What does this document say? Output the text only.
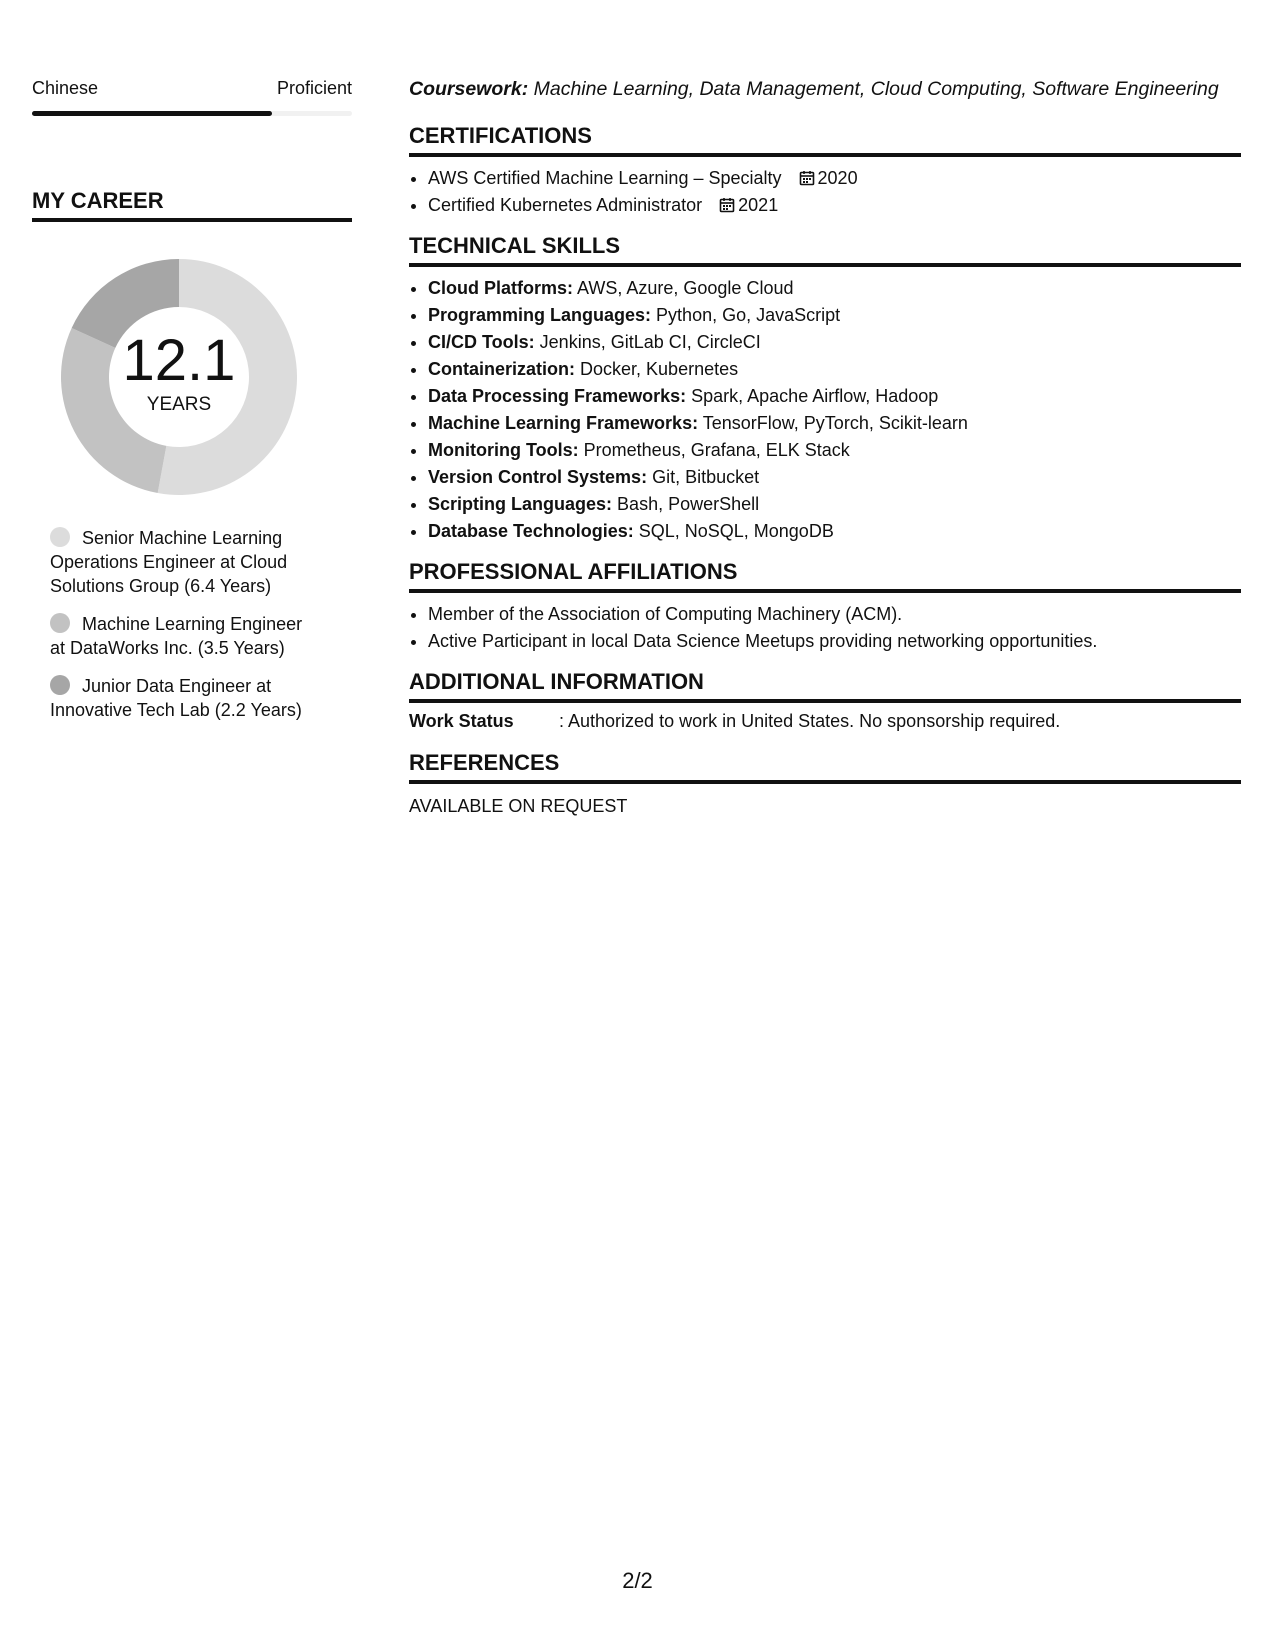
Chinese	Proficient
MY CAREER
12.1
YEARS
Senior Machine Learning Operations Engineer at Cloud Solutions Group (6.4 Years)
Machine Learning Engineer at DataWorks Inc. (3.5 Years)
Junior Data Engineer at Innovative Tech Lab (2.2 Years)
Coursework: Machine Learning, Data Management, Cloud Computing, Software Engineering
CERTIFICATIONS
• AWS Certified Machine Learning – Specialty 2020
• Certified Kubernetes Administrator 2021
TECHNICAL SKILLS
• Cloud Platforms: AWS, Azure, Google Cloud
• Programming Languages: Python, Go, JavaScript
• CI/CD Tools: Jenkins, GitLab CI, CircleCI
• Containerization: Docker, Kubernetes
• Data Processing Frameworks: Spark, Apache Airflow, Hadoop
• Machine Learning Frameworks: TensorFlow, PyTorch, Scikit-learn
• Monitoring Tools: Prometheus, Grafana, ELK Stack
• Version Control Systems: Git, Bitbucket
• Scripting Languages: Bash, PowerShell
• Database Technologies: SQL, NoSQL, MongoDB
PROFESSIONAL AFFILIATIONS
• Member of the Association of Computing Machinery (ACM).
• Active Participant in local Data Science Meetups providing networking opportunities.
ADDITIONAL INFORMATION
Work Status	: Authorized to work in United States. No sponsorship required.
REFERENCES
AVAILABLE ON REQUEST
2/2
